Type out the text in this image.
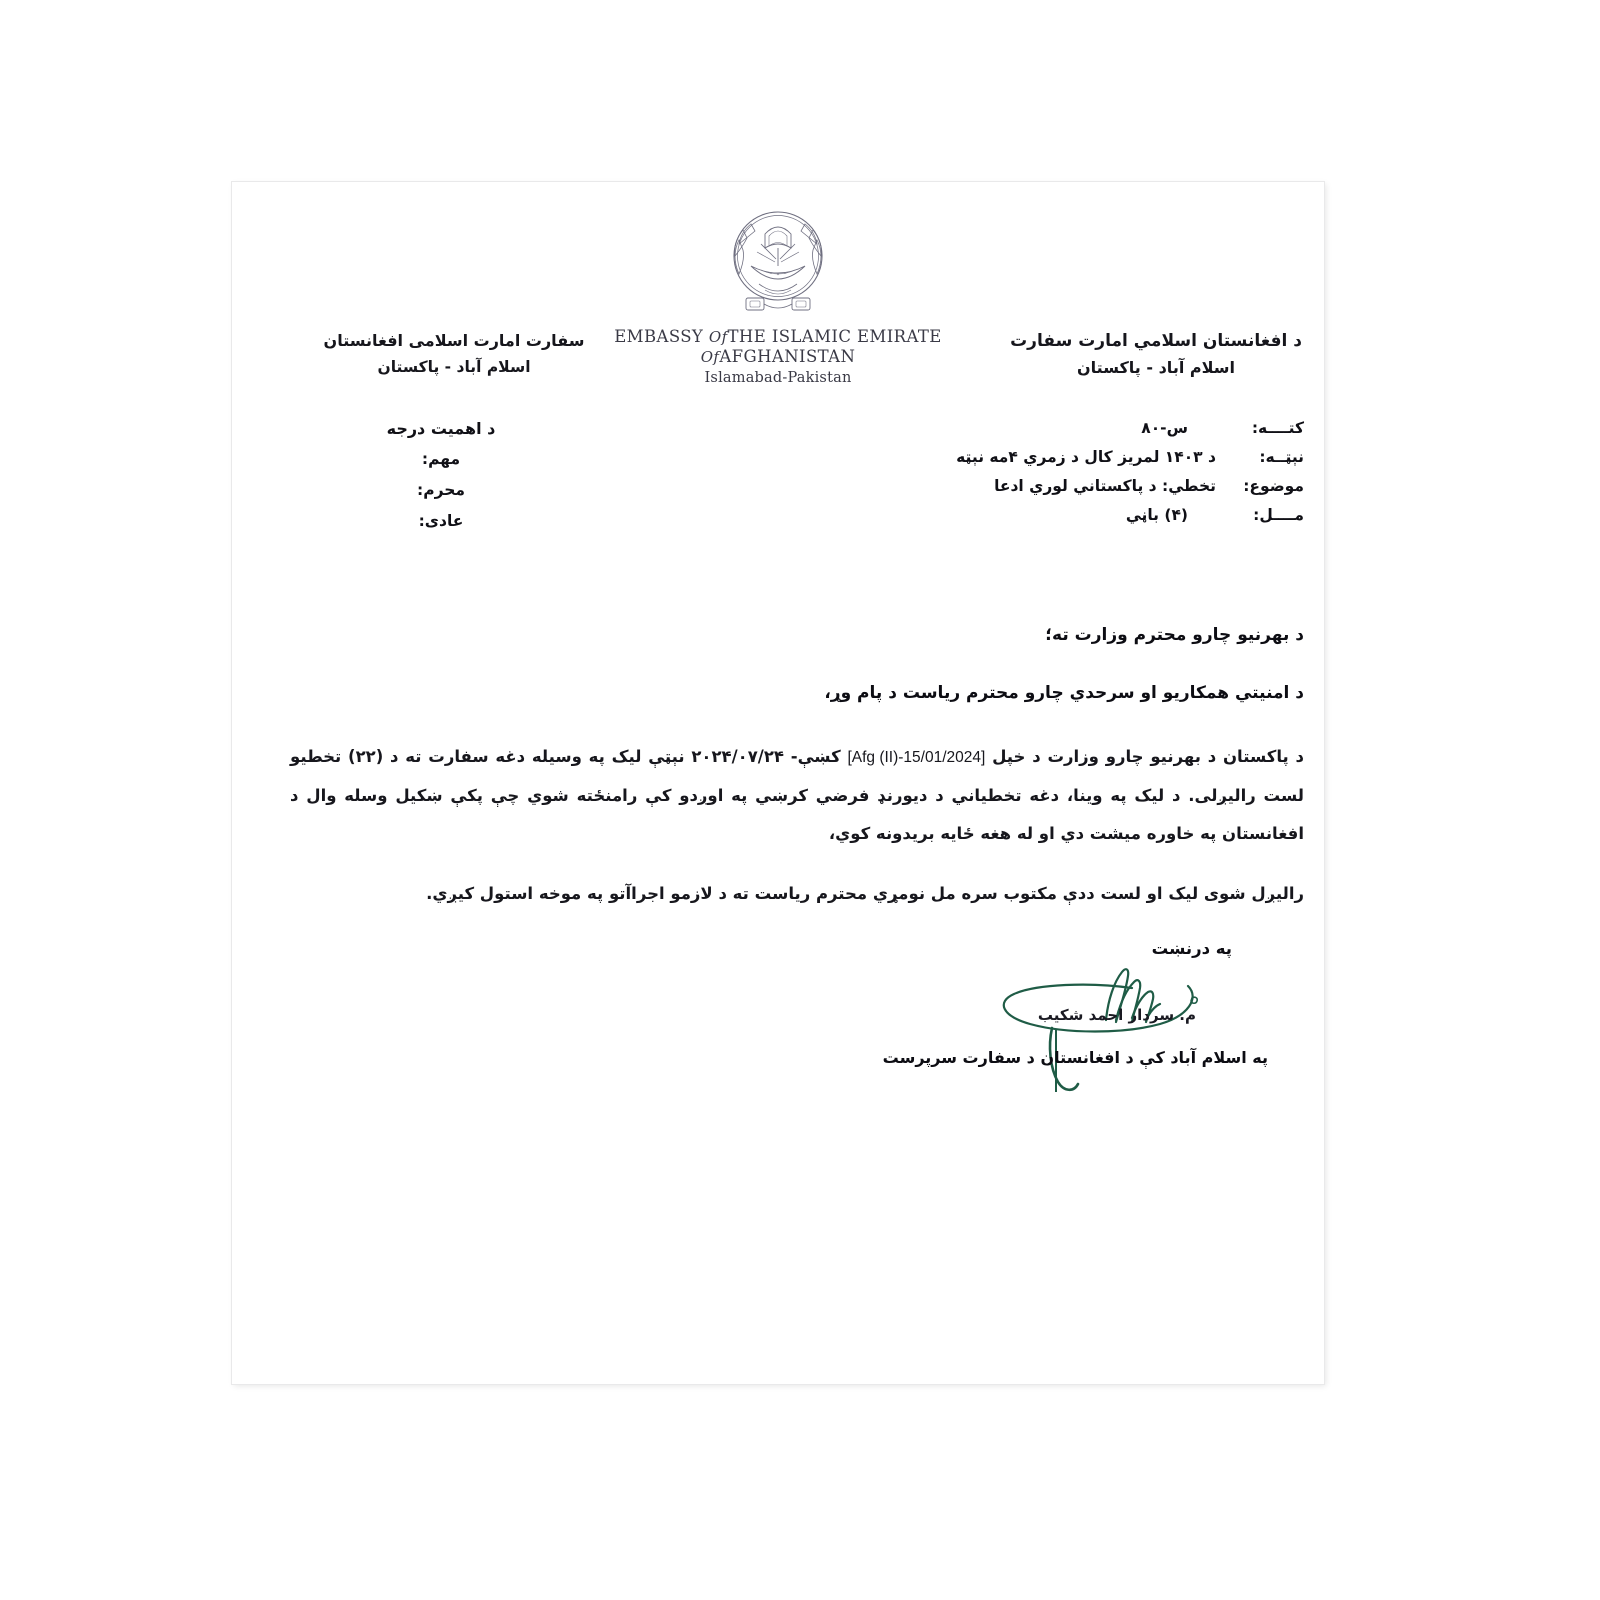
EMBASSY OfTHE ISLAMIC EMIRATE
OfAFGHANISTAN
Islamabad-Pakistan
د افغانستان اسلامي امارت سفارت
اسلام آباد - پاکستان
سفارت امارت اسلامی افغانستان
اسلام آباد - پاکستان
کتــــه:
س-۸۰
نېټــه:
د ۱۴۰۳ لمریز کال د زمري ۴مه نېټه
موضوع:
تخطي: د پاکستاني لوري ادعا
مــــل:
(۴) باڼي
د اهمیت درجه
مهم:
محرم:
عادی:
د بهرنیو چارو محترم وزارت ته؛
د امنیتي همکاریو او سرحدي چارو محترم ریاست د پام وړ،
د پاکستان د بهرنیو چارو وزارت د خپل [Afg (II)-15/01/2024] کښې- ۲۰۲۴/۰۷/۲۴ نېټې لیک په وسیله دغه سفارت ته د (۲۲) تخطیو لست راليږلی. د لیک په وینا، دغه تخطیاني د دیورنډ فرضي کرښي په اوږدو کې رامنځته شوي چې پکې ښکیل وسله وال د افغانستان په خاوره میشت دي او له هغه ځایه بریدونه کوي،
راليږل شوی لیک او لست ددې مکتوب سره مل نومړي محترم ریاست ته د لازمو اجراآتو په موخه استول کیږي.
په درنښت
م. سردار احمد شکیب
په اسلام آباد کې د افغانستان د سفارت سرپرست
